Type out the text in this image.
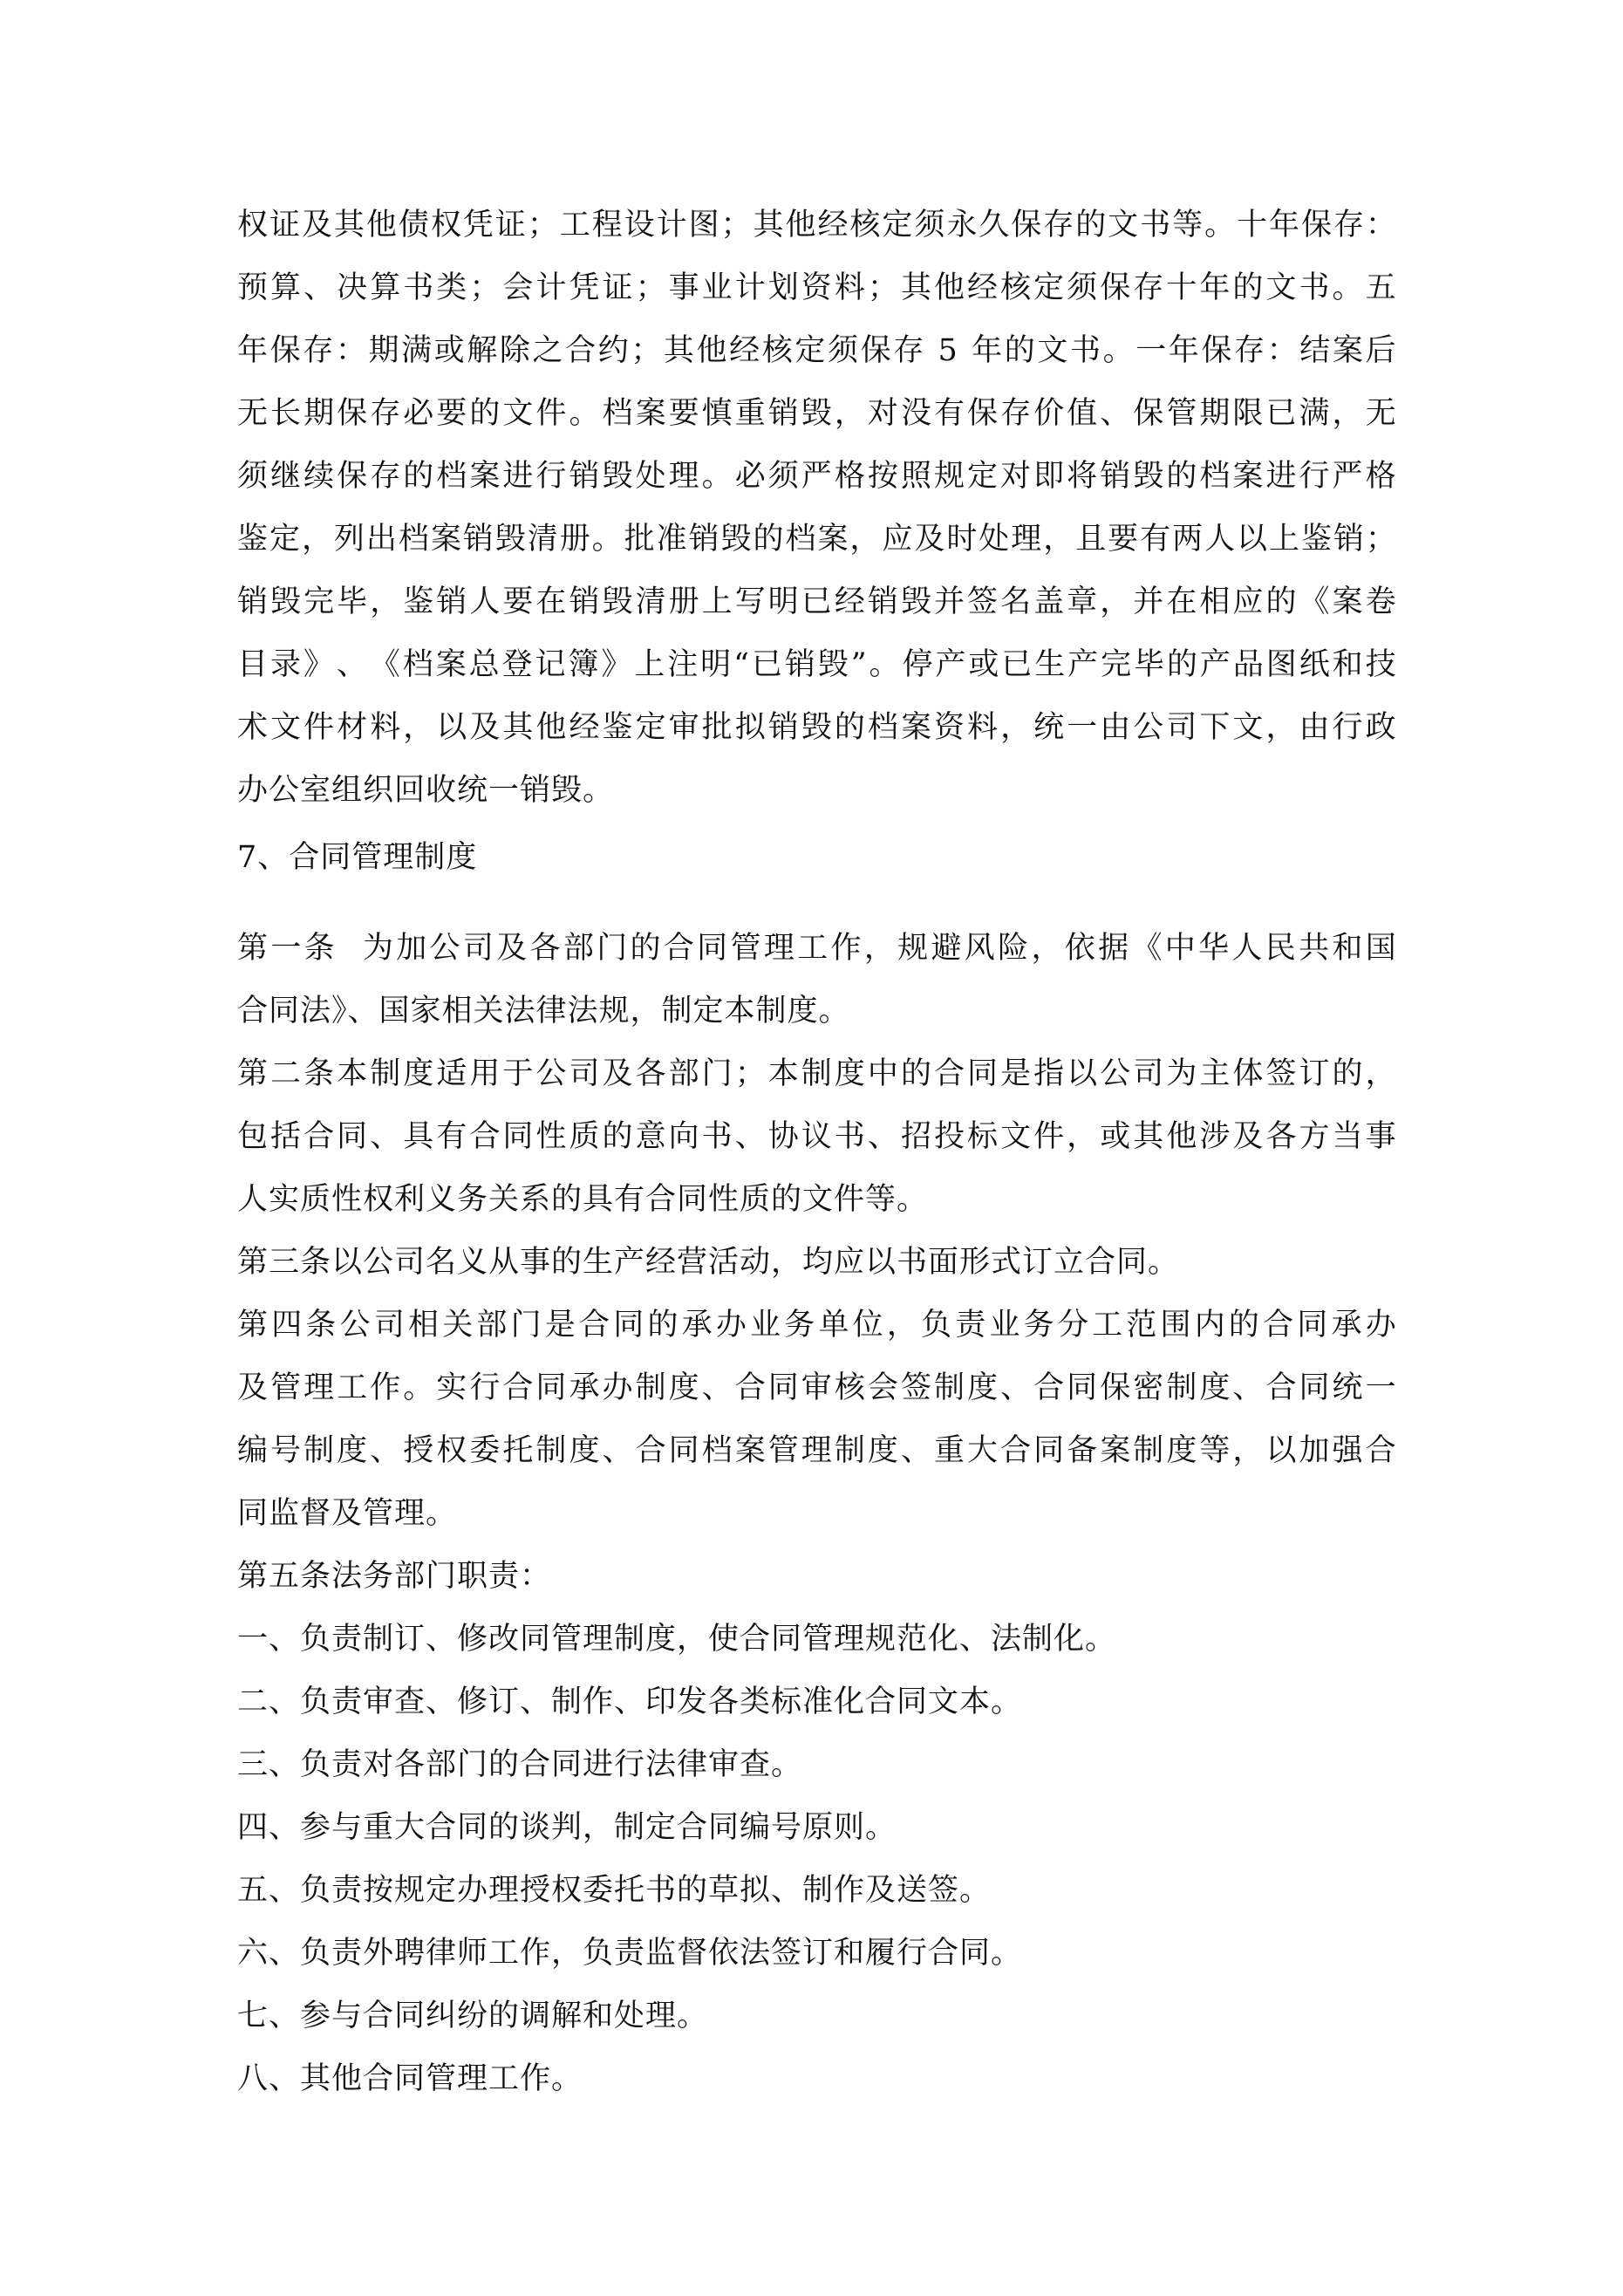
权 证 及 其 他 债 权 凭 证 ； 工 程 设 计 图 ； 其 他 经 核 定 须 永 久 保 存 的 文 书 等 。 十 年 保 存 ：
预 算 、 决 算 书 类 ； 会 计 凭 证 ； 事 业 计 划 资 料 ； 其 他 经 核 定 须 保 存 十 年 的 文 书 。 五
年 保 存 ： 期 满 或 解 除 之 合 约 ； 其 他 经 核 定 须 保 存
5
年 的 文 书 。 一 年 保 存 ： 结 案 后
无 长 期 保 存 必 要 的 文 件 。 档 案 要 慎 重 销 毁 ， 对 没 有 保 存 价 值 、 保 管 期 限 已 满 ， 无
须 继 续 保 存 的 档 案 进 行 销 毁 处 理 。 必 须 严 格 按 照 规 定 对 即 将 销 毁 的 档 案 进 行 严 格
鉴 定 ， 列 出 档 案 销 毁 清 册 。 批 准 销 毁 的 档 案 ， 应 及 时 处 理 ， 且 要 有 两 人 以 上 鉴 销 ；
销 毁 完 毕 ， 鉴 销 人 要 在 销 毁 清 册 上 写 明 已 经 销 毁 并 签 名 盖 章 ， 并 在 相 应 的 《 案 卷
目 录 》 、 《 档 案 总 登 记 簿 》 上 注 明 “ 已 销 毁 ” 。 停 产 或 已 生 产 完 毕 的 产 品 图 纸 和 技
术 文 件 材 料 ， 以 及 其 他 经 鉴 定 审 批 拟 销 毁 的 档 案 资 料 ， 统 一 由 公 司 下 文 ， 由 行 政
办公室组织回收统一销毁。
7、合同管理制度
第 一 条

为 加 公 司 及 各 部 门 的 合 同 管 理 工 作 ， 规 避 风 险 ， 依 据 《 中 华 人 民 共 和 国
合同法》、国家相关法律法规，制定本制度。
第 二 条 本 制 度 适 用 于 公 司 及 各 部 门 ； 本 制 度 中 的 合 同 是 指 以 公 司 为 主 体 签 订 的 ，
包 括 合 同 、 具 有 合 同 性 质 的 意 向 书 、 协 议 书 、 招 投 标 文 件 ， 或 其 他 涉 及 各 方 当 事
人实质性权利义务关系的具有合同性质的文件等。
第三条以公司名义从事的生产经营活动，均应以书面形式订立合同。
第 四 条 公 司 相 关 部 门 是 合 同 的 承 办 业 务 单 位 ， 负 责 业 务 分 工 范 围 内 的 合 同 承 办
及 管 理 工 作 。 实 行 合 同 承 办 制 度 、 合 同 审 核 会 签 制 度 、 合 同 保 密 制 度 、 合 同 统 一
编 号 制 度 、 授 权 委 托 制 度 、 合 同 档 案 管 理 制 度 、 重 大 合 同 备 案 制 度 等 ， 以 加 强 合
同监督及管理。
第五条法务部门职责：
一、负责制订、修改同管理制度，使合同管理规范化、法制化。
二、负责审查、修订、制作、印发各类标准化合同文本。
三、负责对各部门的合同进行法律审查。
四、参与重大合同的谈判，制定合同编号原则。
五、负责按规定办理授权委托书的草拟、制作及送签。
六、负责外聘律师工作，负责监督依法签订和履行合同。
七、参与合同纠纷的调解和处理。
八、其他合同管理工作。
